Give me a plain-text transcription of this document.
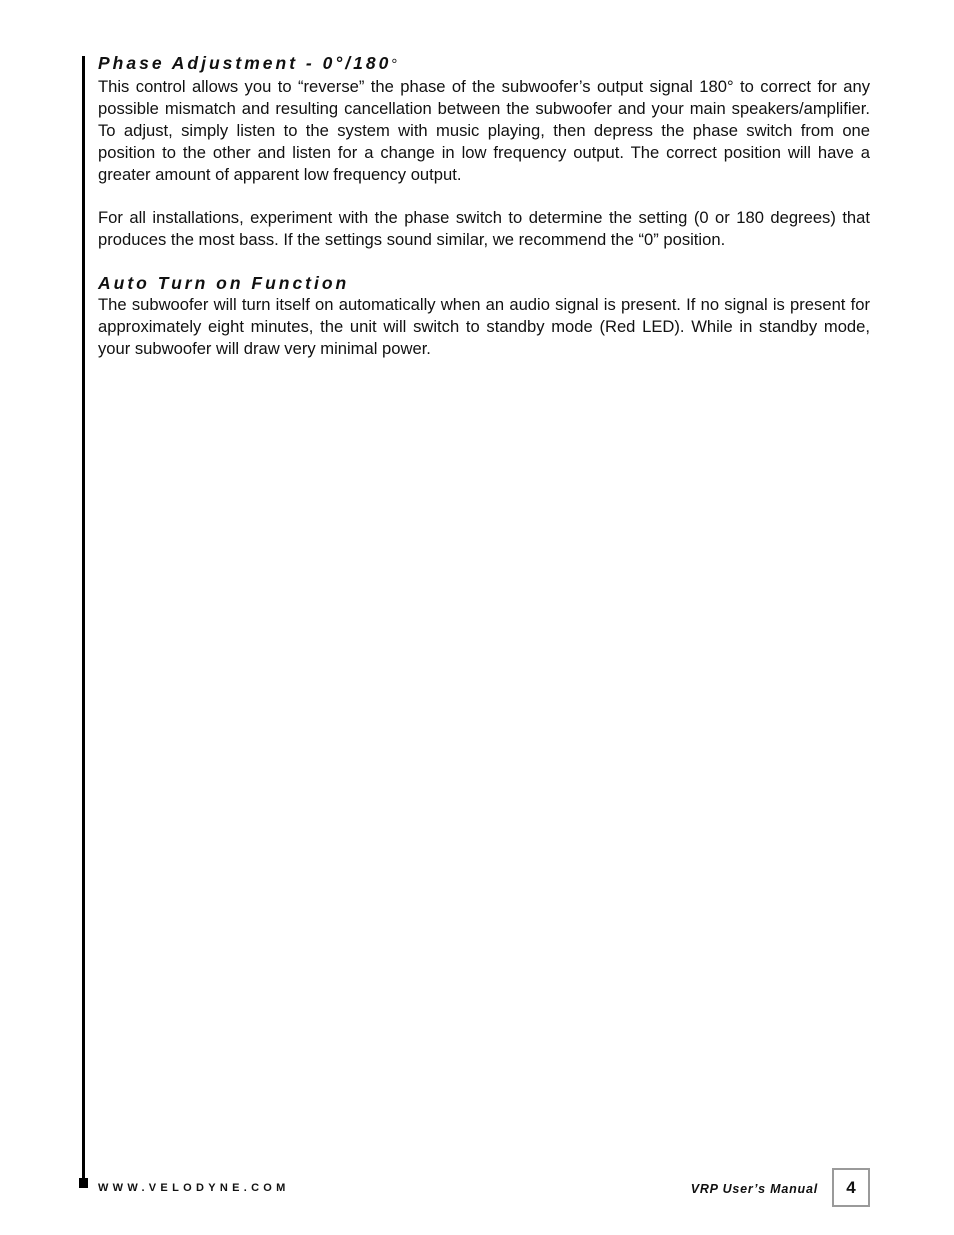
Phase Adjustment - 0°/180°

This control allows you to “reverse” the phase of the subwoofer’s output signal 180° to correct for any possible mismatch and resulting cancellation between the subwoofer and your main speakers/amplifier. To adjust, simply listen to the system with music playing, then depress the phase switch from one position to the other and listen for a change in low frequency output. The correct position will have a greater amount of apparent low frequency output.

For all installations, experiment with the phase switch to determine the setting (0 or 180 degrees) that produces the most bass. If the settings sound similar, we recommend the “0” position.

Auto Turn on Function

The subwoofer will turn itself on automatically when an audio signal is present. If no signal is present for approximately eight minutes, the unit will switch to standby mode (Red LED). While in standby mode, your subwoofer will draw very minimal power.

WWW.VELODYNE.COM	VRP User’s Manual 4
